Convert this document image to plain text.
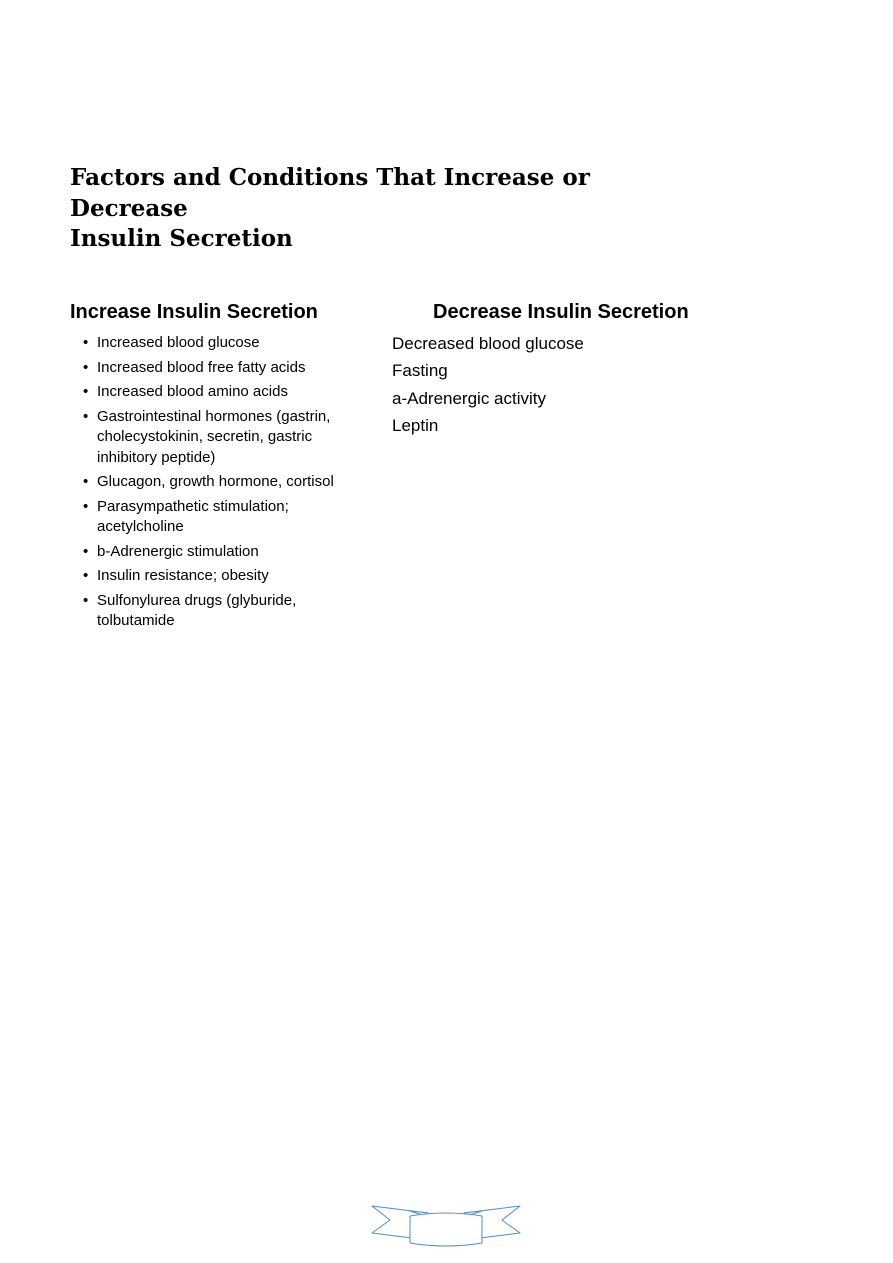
Factors and Conditions That Increase or
Decrease
Insulin Secretion
Increase Insulin Secretion	Decrease Insulin Secretion
• Increased blood glucose
• Increased blood free fatty acids
• Increased blood amino acids
• Gastrointestinal hormones (gastrin, cholecystokinin, secretin, gastric inhibitory peptide)
• Glucagon, growth hormone, cortisol
• Parasympathetic stimulation; acetylcholine
• b-Adrenergic stimulation
• Insulin resistance; obesity
• Sulfonylurea drugs (glyburide, tolbutamide
Decreased blood glucose
Fasting
a-Adrenergic activity
Leptin
